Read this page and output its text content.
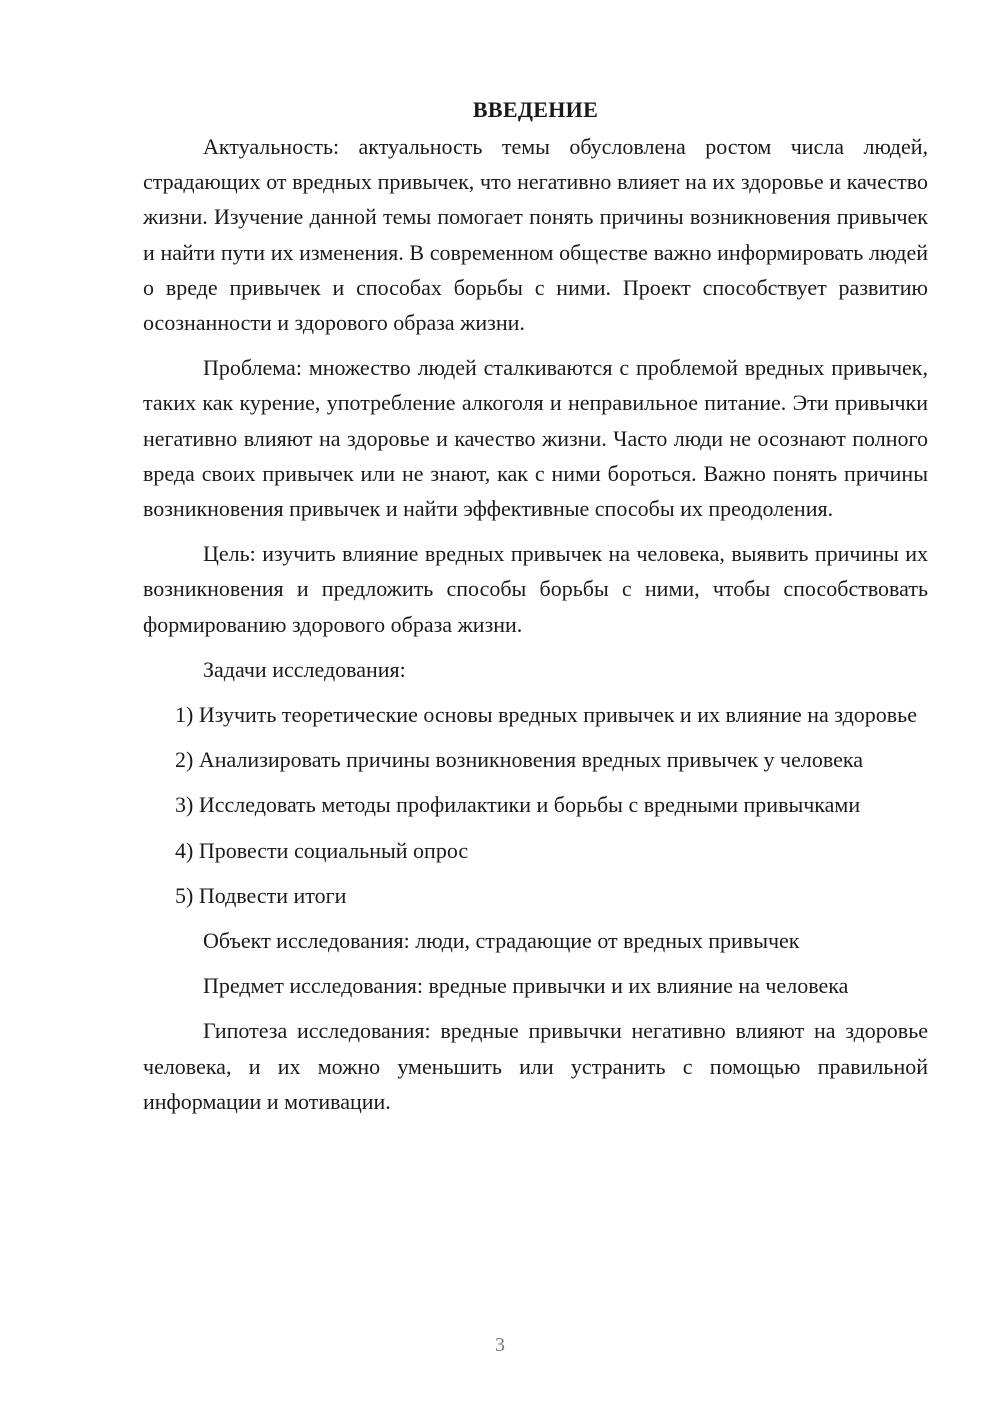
ВВЕДЕНИЕ

Актуальность: актуальность темы обусловлена ростом числа людей, страдающих от вредных привычек, что негативно влияет на их здоровье и качество жизни. Изучение данной темы помогает понять причины возникновения привычек и найти пути их изменения. В современном обществе важно информировать людей о вреде привычек и способах борьбы с ними. Проект способствует развитию осознанности и здорового образа жизни.

Проблема: множество людей сталкиваются с проблемой вредных привычек, таких как курение, употребление алкоголя и неправильное питание. Эти привычки негативно влияют на здоровье и качество жизни. Часто люди не осознают полного вреда своих привычек или не знают, как с ними бороться. Важно понять причины возникновения привычек и найти эффективные способы их преодоления.

Цель: изучить влияние вредных привычек на человека, выявить причины их возникновения и предложить способы борьбы с ними, чтобы способствовать формированию здорового образа жизни.

Задачи исследования:

1) Изучить теоретические основы вредных привычек и их влияние на здоровье

2) Анализировать причины возникновения вредных привычек у человека

3) Исследовать методы профилактики и борьбы с вредными привычками

4) Провести социальный опрос

5) Подвести итоги

Объект исследования: люди, страдающие от вредных привычек

Предмет исследования: вредные привычки и их влияние на человека

Гипотеза исследования: вредные привычки негативно влияют на здоровье человека, и их можно уменьшить или устранить с помощью правильной информации и мотивации.

3
